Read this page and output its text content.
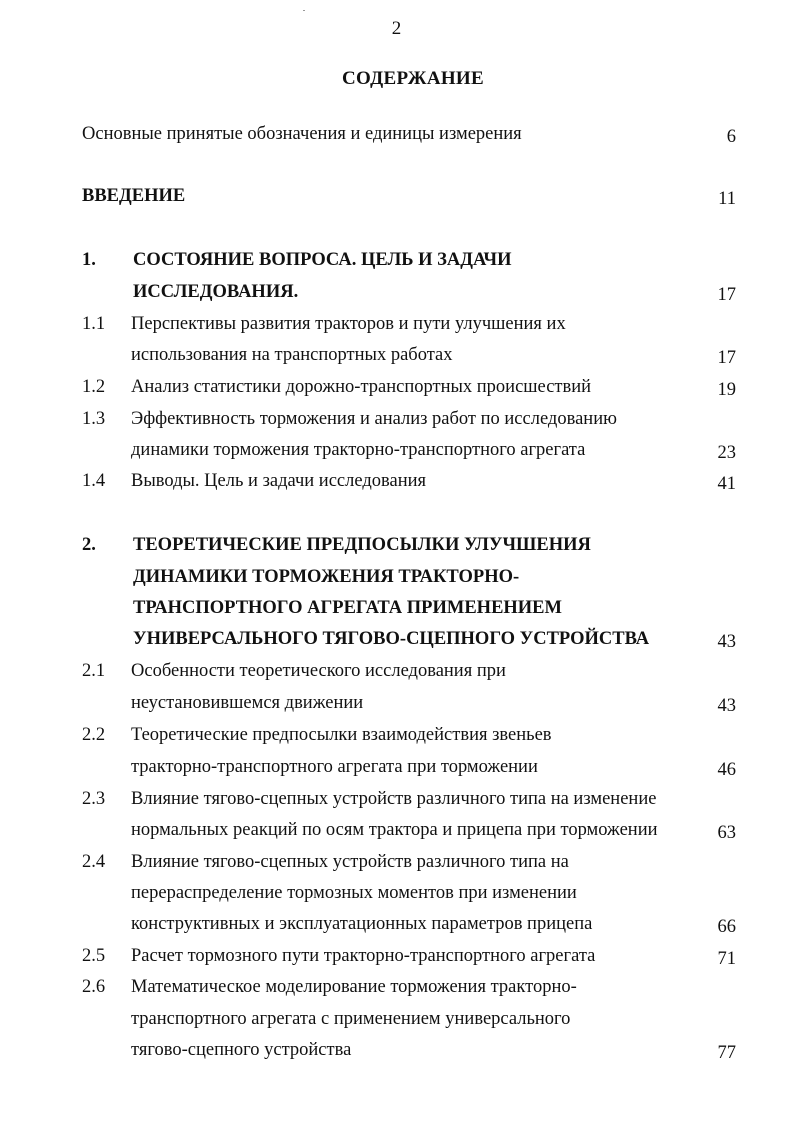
2
СОДЕРЖАНИЕ
Основные принятые обозначения и единицы измерения	6
ВВЕДЕНИЕ	11
1. СОСТОЯНИЕ ВОПРОСА. ЦЕЛЬ И ЗАДАЧИ
ИССЛЕДОВАНИЯ.	17
1.1 Перспективы развития тракторов и пути улучшения их
использования на транспортных работах	17
1.2 Анализ статистики дорожно-транспортных происшествий	19
1.3 Эффективность торможения и анализ работ по исследованию
динамики торможения тракторно-транспортного агрегата	23
1.4 Выводы. Цель и задачи исследования	41
2. ТЕОРЕТИЧЕСКИЕ ПРЕДПОСЫЛКИ УЛУЧШЕНИЯ
ДИНАМИКИ ТОРМОЖЕНИЯ ТРАКТОРНО-
ТРАНСПОРТНОГО АГРЕГАТА ПРИМЕНЕНИЕМ
УНИВЕРСАЛЬНОГО ТЯГОВО-СЦЕПНОГО УСТРОЙСТВА	43
2.1 Особенности теоретического исследования при
неустановившемся движении	43
2.2 Теоретические предпосылки взаимодействия звеньев
тракторно-транспортного агрегата при торможении	46
2.3 Влияние тягово-сцепных устройств различного типа на изменение
нормальных реакций по осям трактора и прицепа при торможении	63
2.4 Влияние тягово-сцепных устройств различного типа на
перераспределение тормозных моментов при изменении
конструктивных и эксплуатационных параметров прицепа	66
2.5 Расчет тормозного пути тракторно-транспортного агрегата	71
2.6 Математическое моделирование торможения тракторно-
транспортного агрегата с применением универсального
тягово-сцепного устройства	77
